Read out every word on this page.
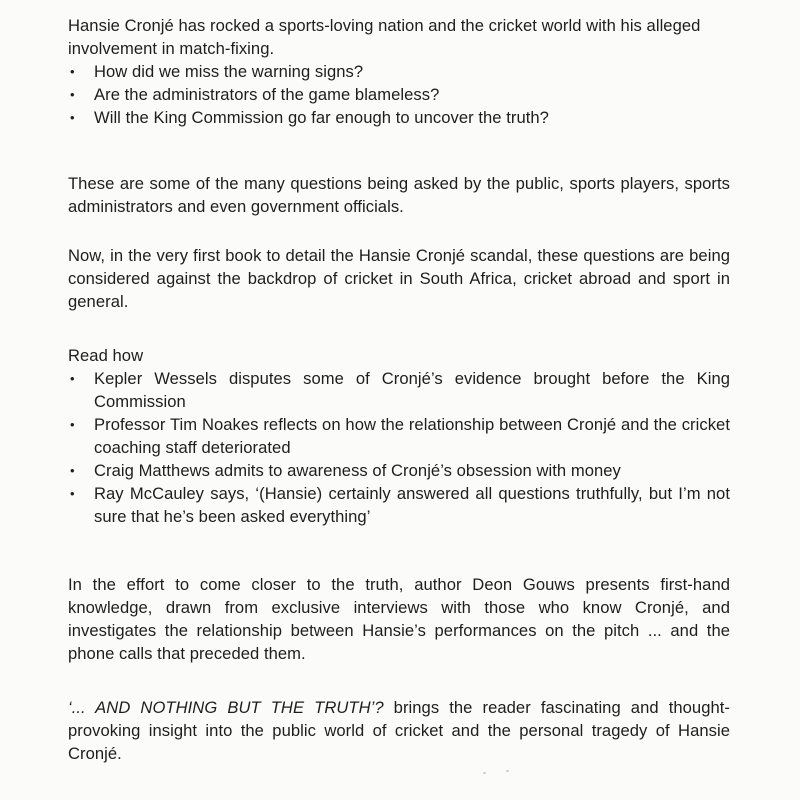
Hansie Cronjé has rocked a sports-loving nation and the cricket world with his alleged involvement in match-fixing.
• How did we miss the warning signs?
• Are the administrators of the game blameless?
• Will the King Commission go far enough to uncover the truth?
These are some of the many questions being asked by the public, sports players, sports administrators and even government officials.
Now, in the very first book to detail the Hansie Cronjé scandal, these questions are being considered against the backdrop of cricket in South Africa, cricket abroad and sport in general.
Read how
• Kepler Wessels disputes some of Cronjé’s evidence brought before the King Commission
• Professor Tim Noakes reflects on how the relationship between Cronjé and the cricket coaching staff deteriorated
• Craig Matthews admits to awareness of Cronjé’s obsession with money
• Ray McCauley says, ‘(Hansie) certainly answered all questions truthfully, but I’m not sure that he’s been asked everything’
In the effort to come closer to the truth, author Deon Gouws presents first-hand knowledge, drawn from exclusive interviews with those who know Cronjé, and investigates the relationship between Hansie’s performances on the pitch ... and the phone calls that preceded them.
‘... AND NOTHING BUT THE TRUTH’? brings the reader fascinating and thought-provoking insight into the public world of cricket and the personal tragedy of Hansie Cronjé.
